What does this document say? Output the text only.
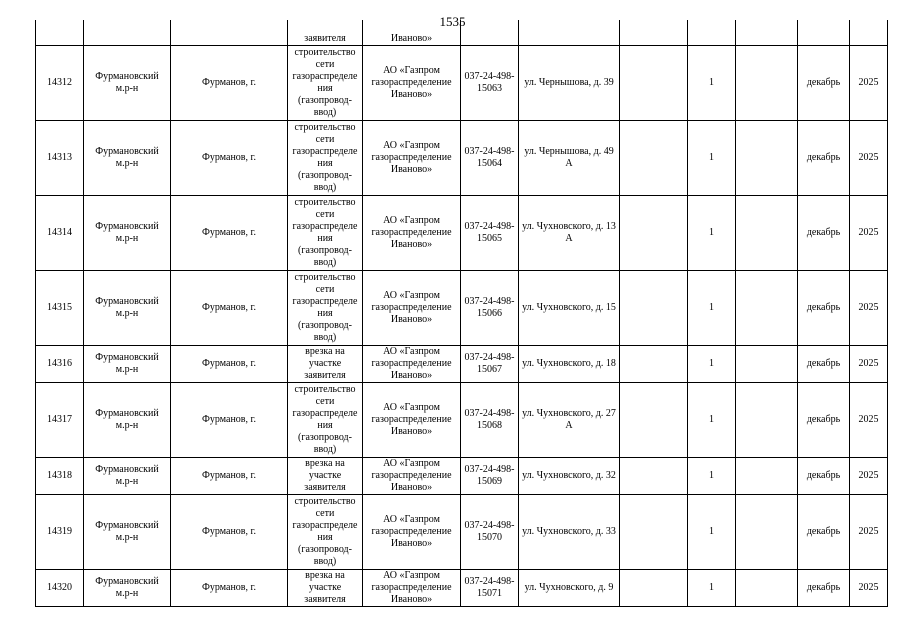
1535
			заявителя	Иваново»							
14312	Фурмановский м.р-н	Фурманов, г.	строительство сети газораспределения (газопровод-ввод)	АО «Газпром газораспределение Иваново»	037-24-498-15063	ул. Чернышова, д. 39		1		декабрь	2025
14313	Фурмановский м.р-н	Фурманов, г.	строительство сети газораспределения (газопровод-ввод)	АО «Газпром газораспределение Иваново»	037-24-498-15064	ул. Чернышова, д. 49 А		1		декабрь	2025
14314	Фурмановский м.р-н	Фурманов, г.	строительство сети газораспределения (газопровод-ввод)	АО «Газпром газораспределение Иваново»	037-24-498-15065	ул. Чухновского, д. 13 А		1		декабрь	2025
14315	Фурмановский м.р-н	Фурманов, г.	строительство сети газораспределения (газопровод-ввод)	АО «Газпром газораспределение Иваново»	037-24-498-15066	ул. Чухновского, д. 15		1		декабрь	2025
14316	Фурмановский м.р-н	Фурманов, г.	врезка на участке заявителя	АО «Газпром газораспределение Иваново»	037-24-498-15067	ул. Чухновского, д. 18		1		декабрь	2025
14317	Фурмановский м.р-н	Фурманов, г.	строительство сети газораспределения (газопровод-ввод)	АО «Газпром газораспределение Иваново»	037-24-498-15068	ул. Чухновского, д. 27 А		1		декабрь	2025
14318	Фурмановский м.р-н	Фурманов, г.	врезка на участке заявителя	АО «Газпром газораспределение Иваново»	037-24-498-15069	ул. Чухновского, д. 32		1		декабрь	2025
14319	Фурмановский м.р-н	Фурманов, г.	строительство сети газораспределения (газопровод-ввод)	АО «Газпром газораспределение Иваново»	037-24-498-15070	ул. Чухновского, д. 33		1		декабрь	2025
14320	Фурмановский м.р-н	Фурманов, г.	врезка на участке заявителя	АО «Газпром газораспределение Иваново»	037-24-498-15071	ул. Чухновского, д. 9		1		декабрь	2025
